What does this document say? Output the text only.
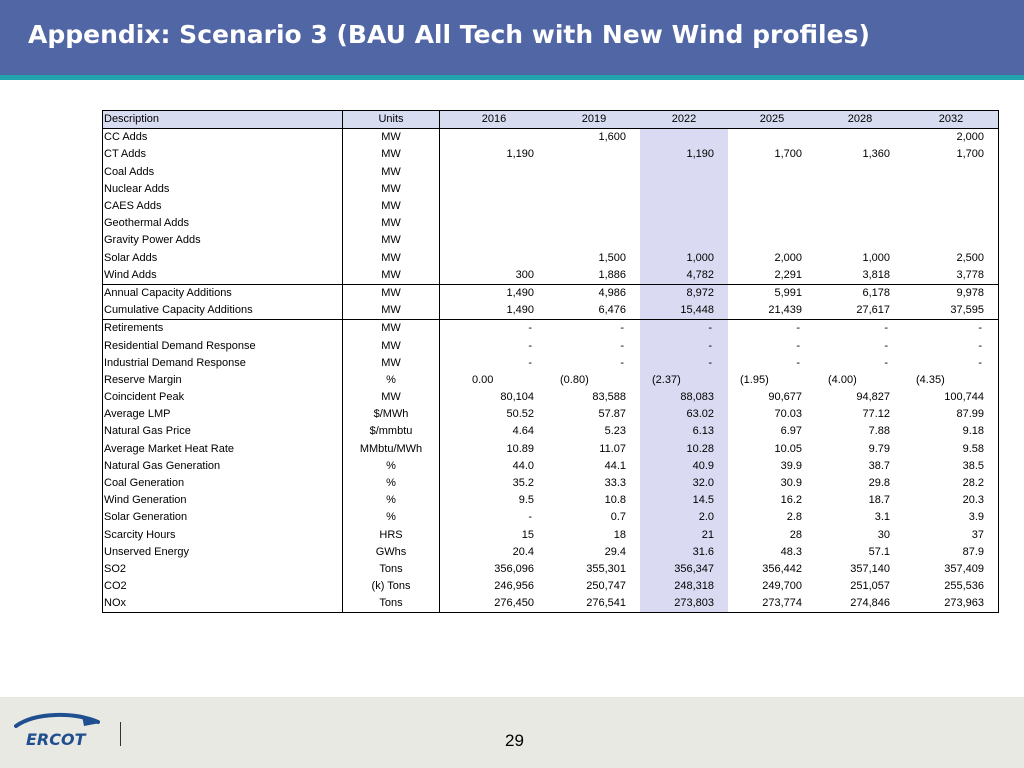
Appendix: Scenario 3 (BAU All Tech with New Wind profiles)
Description	Units	2016	2019	2022	2025	2028	2032
CC Adds	MW		1,600				2,000
CT Adds	MW	1,190		1,190	1,700	1,360	1,700
Coal Adds	MW						
Nuclear Adds	MW						
CAES Adds	MW						
Geothermal Adds	MW						
Gravity Power Adds	MW						
Solar Adds	MW		1,500	1,000	2,000	1,000	2,500
Wind Adds	MW	300	1,886	4,782	2,291	3,818	3,778
Annual Capacity Additions	MW	1,490	4,986	8,972	5,991	6,178	9,978
Cumulative Capacity Additions	MW	1,490	6,476	15,448	21,439	27,617	37,595
Retirements	MW	-	-	-	-	-	-
Residential Demand Response	MW	-	-	-	-	-	-
Industrial Demand Response	MW	-	-	-	-	-	-
Reserve Margin	%	0.00	(0.80)	(2.37)	(1.95)	(4.00)	(4.35)
Coincident Peak	MW	80,104	83,588	88,083	90,677	94,827	100,744
Average LMP	$/MWh	50.52	57.87	63.02	70.03	77.12	87.99
Natural Gas Price	$/mmbtu	4.64	5.23	6.13	6.97	7.88	9.18
Average Market Heat Rate	MMbtu/MWh	10.89	11.07	10.28	10.05	9.79	9.58
Natural Gas Generation	%	44.0	44.1	40.9	39.9	38.7	38.5
Coal Generation	%	35.2	33.3	32.0	30.9	29.8	28.2
Wind Generation	%	9.5	10.8	14.5	16.2	18.7	20.3
Solar Generation	%	-	0.7	2.0	2.8	3.1	3.9
Scarcity Hours	HRS	15	18	21	28	30	37
Unserved Energy	GWhs	20.4	29.4	31.6	48.3	57.1	87.9
SO2	Tons	356,096	355,301	356,347	356,442	357,140	357,409
CO2	(k) Tons	246,956	250,747	248,318	249,700	251,057	255,536
NOx	Tons	276,450	276,541	273,803	273,774	274,846	273,963
ERCOT	29
